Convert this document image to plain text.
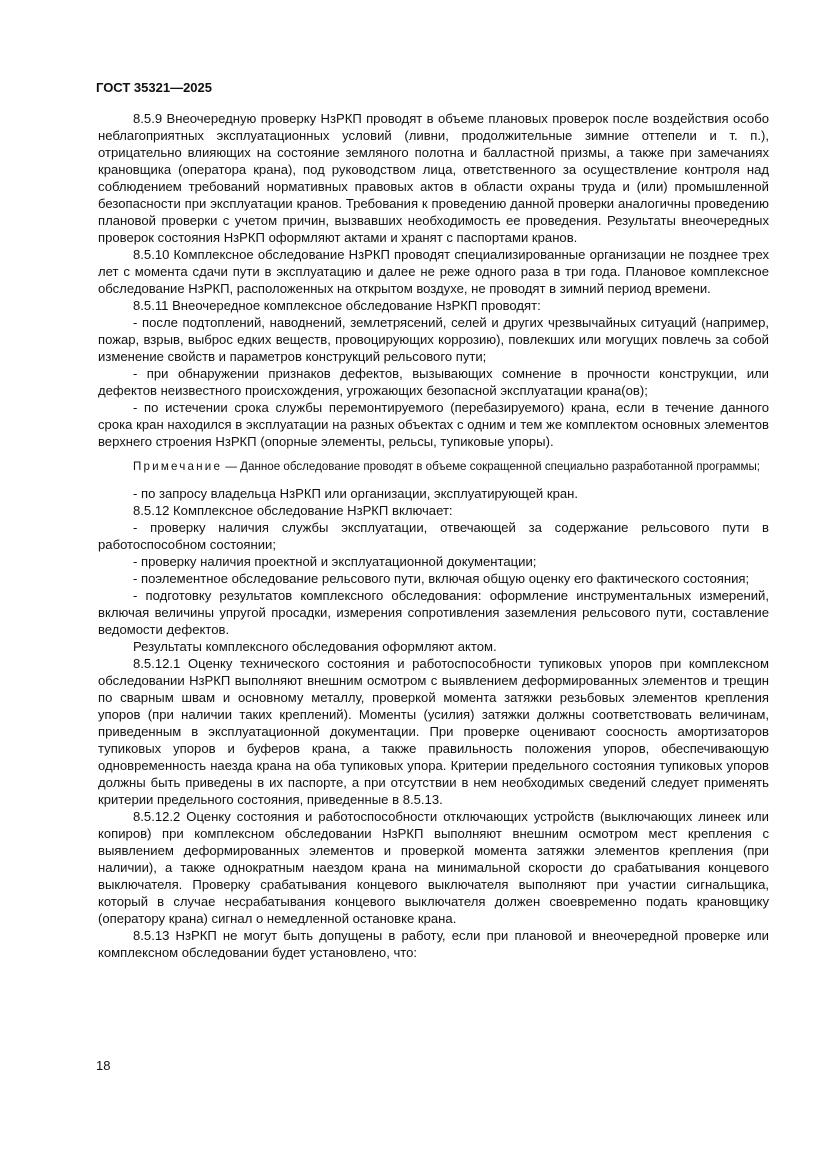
ГОСТ 35321—2025

8.5.9 Внеочередную проверку НзРКП проводят в объеме плановых проверок после воздействия особо неблагоприятных эксплуатационных условий (ливни, продолжительные зимние оттепели и т. п.), отрицательно влияющих на состояние земляного полотна и балластной призмы, а также при замечаниях крановщика (оператора крана), под руководством лица, ответственного за осуществление контроля над соблюдением требований нормативных правовых актов в области охраны труда и (или) промышленной безопасности при эксплуатации кранов. Требования к проведению данной проверки аналогичны проведению плановой проверки с учетом причин, вызвавших необходимость ее проведения. Результаты внеочередных проверок состояния НзРКП оформляют актами и хранят с паспортами кранов.

8.5.10 Комплексное обследование НзРКП проводят специализированные организации не позднее трех лет с момента сдачи пути в эксплуатацию и далее не реже одного раза в три года. Плановое комплексное обследование НзРКП, расположенных на открытом воздухе, не проводят в зимний период времени.

8.5.11 Внеочередное комплексное обследование НзРКП проводят:

- после подтоплений, наводнений, землетрясений, селей и других чрезвычайных ситуаций (например, пожар, взрыв, выброс едких веществ, провоцирующих коррозию), повлекших или могущих повлечь за собой изменение свойств и параметров конструкций рельсового пути;

- при обнаружении признаков дефектов, вызывающих сомнение в прочности конструкции, или дефектов неизвестного происхождения, угрожающих безопасной эксплуатации крана(ов);

- по истечении срока службы перемонтируемого (перебазируемого) крана, если в течение данного срока кран находился в эксплуатации на разных объектах с одним и тем же комплектом основных элементов верхнего строения НзРКП (опорные элементы, рельсы, тупиковые упоры).

Примечание — Данное обследование проводят в объеме сокращенной специально разработанной программы;

- по запросу владельца НзРКП или организации, эксплуатирующей кран.

8.5.12 Комплексное обследование НзРКП включает:

- проверку наличия службы эксплуатации, отвечающей за содержание рельсового пути в работоспособном состоянии;

- проверку наличия проектной и эксплуатационной документации;

- поэлементное обследование рельсового пути, включая общую оценку его фактического состояния;

- подготовку результатов комплексного обследования: оформление инструментальных измерений, включая величины упругой просадки, измерения сопротивления заземления рельсового пути, составление ведомости дефектов.

Результаты комплексного обследования оформляют актом.

8.5.12.1 Оценку технического состояния и работоспособности тупиковых упоров при комплексном обследовании НзРКП выполняют внешним осмотром с выявлением деформированных элементов и трещин по сварным швам и основному металлу, проверкой момента затяжки резьбовых элементов крепления упоров (при наличии таких креплений). Моменты (усилия) затяжки должны соответствовать величинам, приведенным в эксплуатационной документации. При проверке оценивают соосность амортизаторов тупиковых упоров и буферов крана, а также правильность положения упоров, обеспечивающую одновременность наезда крана на оба тупиковых упора. Критерии предельного состояния тупиковых упоров должны быть приведены в их паспорте, а при отсутствии в нем необходимых сведений следует применять критерии предельного состояния, приведенные в 8.5.13.

8.5.12.2 Оценку состояния и работоспособности отключающих устройств (выключающих линеек или копиров) при комплексном обследовании НзРКП выполняют внешним осмотром мест крепления с выявлением деформированных элементов и проверкой момента затяжки элементов крепления (при наличии), а также однократным наездом крана на минимальной скорости до срабатывания концевого выключателя. Проверку срабатывания концевого выключателя выполняют при участии сигнальщика, который в случае несрабатывания концевого выключателя должен своевременно подать крановщику (оператору крана) сигнал о немедленной остановке крана.

8.5.13 НзРКП не могут быть допущены в работу, если при плановой и внеочередной проверке или комплексном обследовании будет установлено, что:

18
